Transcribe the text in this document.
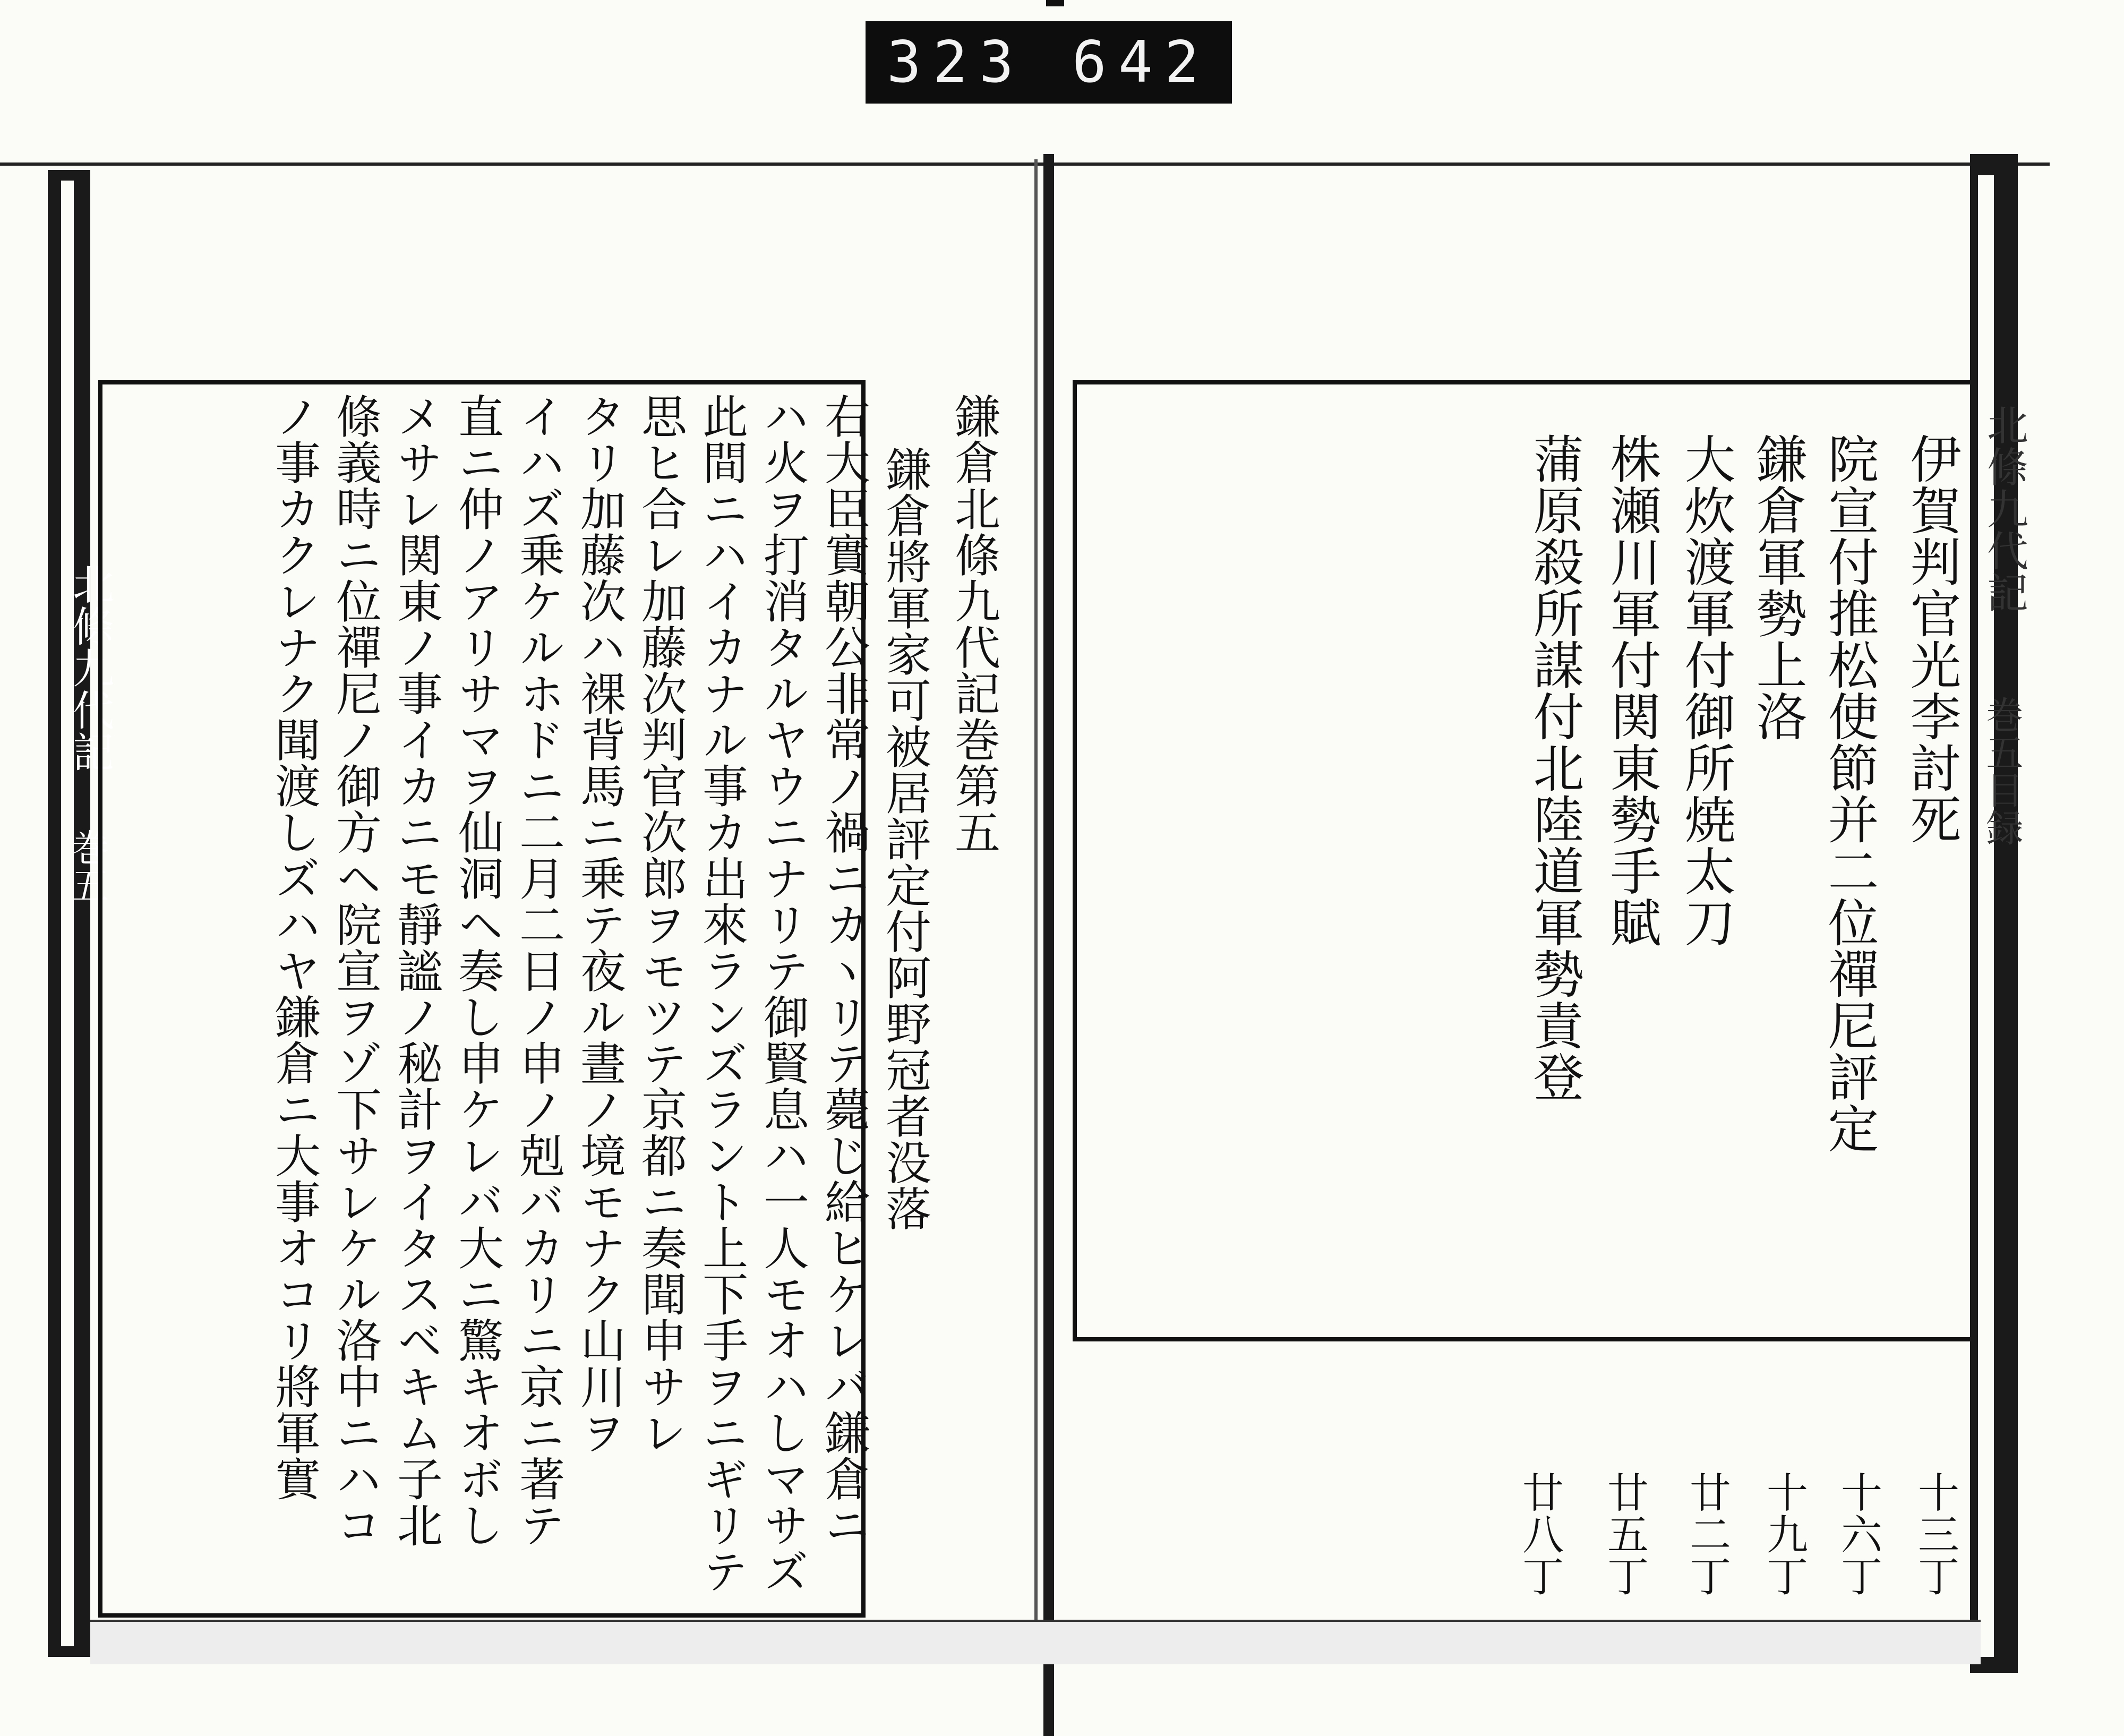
323 642
北條九代記
巻五
北條九代記
巻五目録
伊賀判官光李討死
院宣付推松使節并二位禪尼評定
鎌倉軍勢上洛
大炊渡軍付御所焼太刀
株瀬川軍付関東勢手賦
蒲原殺所謀付北陸道軍勢責登
十三丁
十六丁
十九丁
廿二丁
廿五丁
廿八丁
鎌倉北條九代記巻第五
鎌倉將軍家可被居評定付阿野冠者没落
右大臣實朝公非常ノ禍ニカヽリテ薨じ給ヒケレバ鎌倉ニ
ハ火ヲ打消タルヤウニナリテ御賢息ハ一人モオハしマサズ
此間ニハイカナル事カ出來ランズラント上下手ヲニギリテ
思ヒ合レ加藤次判官次郎ヲモツテ京都ニ奏聞申サレ
タリ加藤次ハ裸背馬ニ乗テ夜ル晝ノ境モナク山川ヲ
イハズ乗ケルホドニ二月二日ノ申ノ剋バカリニ京ニ著テ
直ニ仲ノアリサマヲ仙洞ヘ奏し申ケレバ大ニ驚キオボし
メサレ関東ノ事イカニモ靜謐ノ秘計ヲイタスベキム子北
條義時ニ位禪尼ノ御方ヘ院宣ヲゾ下サレケル洛中ニハコ
ノ事カクレナク聞渡しズハヤ鎌倉ニ大事オコリ將軍實
